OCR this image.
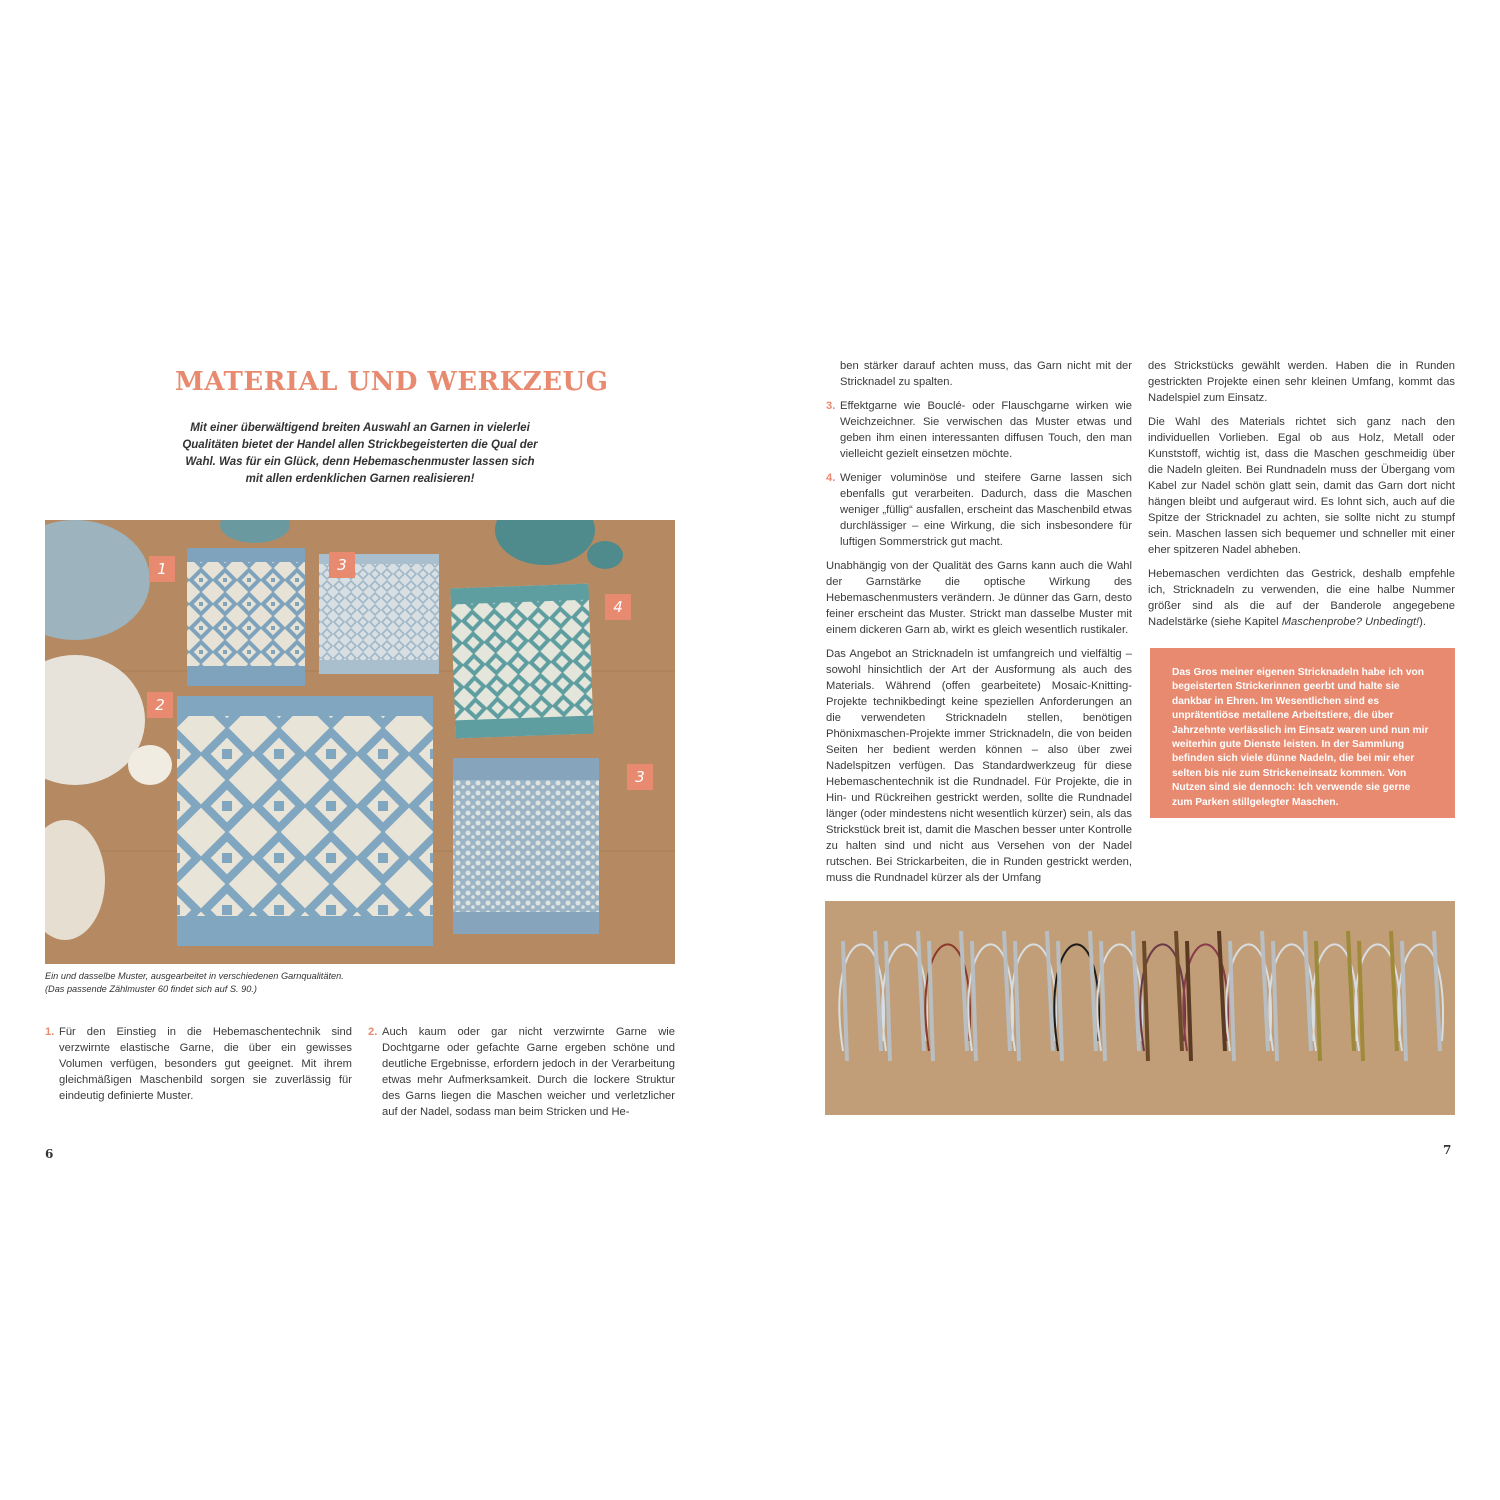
MATERIAL UND WERKZEUG
Mit einer überwältigend breiten Auswahl an Garnen in vielerlei Qualitäten bietet der Handel allen Strickbegeisterten die Qual der Wahl. Was für ein Glück, denn Hebemaschenmuster lassen sich mit allen erdenklichen Garnen realisieren!
1	3
4
2
3
Ein und dasselbe Muster, ausgearbeitet in verschiedenen Garnqualitäten. (Das passende Zählmuster 60 findet sich auf S. 90.)
1. Für den Einstieg in die Hebemaschentechnik sind verzwirnte elastische Garne, die über ein gewisses Volumen verfügen, besonders gut geeignet. Mit ihrem gleichmäßigen Maschenbild sorgen sie zuverlässig für eindeutig definierte Muster.
2. Auch kaum oder gar nicht verzwirnte Garne wie Dochtgarne oder gefachte Garne ergeben schöne und deutliche Ergebnisse, erfordern jedoch in der Verarbeitung etwas mehr Aufmerksamkeit. Durch die lockere Struktur des Garns liegen die Maschen weicher und verletzlicher auf der Nadel, sodass man beim Stricken und He-
6

ben stärker darauf achten muss, das Garn nicht mit der Stricknadel zu spalten.

3. Effektgarne wie Bouclé- oder Flauschgarne wirken wie Weichzeichner. Sie verwischen das Muster etwas und geben ihm einen interessanten diffusen Touch, den man vielleicht gezielt einsetzen möchte.
4. Weniger voluminöse und steifere Garne lassen sich ebenfalls gut verarbeiten. Dadurch, dass die Maschen weniger „füllig“ ausfallen, erscheint das Maschenbild etwas durchlässiger – eine Wirkung, die sich insbesondere für luftigen Sommerstrick gut macht.

Unabhängig von der Qualität des Garns kann auch die Wahl der Garnstärke die optische Wirkung des Hebemaschenmusters verändern. Je dünner das Garn, desto feiner erscheint das Muster. Strickt man dasselbe Muster mit einem dickeren Garn ab, wirkt es gleich wesentlich rustikaler.

Das Angebot an Stricknadeln ist umfangreich und vielfältig – sowohl hinsichtlich der Art der Ausformung als auch des Materials. Während (offen gearbeitete) Mosaic-Knitting-Projekte technikbedingt keine speziellen Anforderungen an die verwendeten Stricknadeln stellen, benötigen Phönixmaschen-Projekte immer Stricknadeln, die von beiden Seiten her bedient werden können – also über zwei Nadelspitzen verfügen. Das Standardwerkzeug für diese Hebemaschentechnik ist die Rundnadel. Für Projekte, die in Hin- und Rückreihen gestrickt werden, sollte die Rundnadel länger (oder mindestens nicht wesentlich kürzer) sein, als das Strickstück breit ist, damit die Maschen besser unter Kontrolle zu halten sind und nicht aus Versehen von der Nadel rutschen. Bei Strickarbeiten, die in Runden gestrickt werden, muss die Rundnadel kürzer als der Umfang

des Strickstücks gewählt werden. Haben die in Runden gestrickten Projekte einen sehr kleinen Umfang, kommt das Nadelspiel zum Einsatz.

Die Wahl des Materials richtet sich ganz nach den individuellen Vorlieben. Egal ob aus Holz, Metall oder Kunststoff, wichtig ist, dass die Maschen geschmeidig über die Nadeln gleiten. Bei Rundnadeln muss der Übergang vom Kabel zur Nadel schön glatt sein, damit das Garn dort nicht hängen bleibt und aufgeraut wird. Es lohnt sich, auch auf die Spitze der Stricknadel zu achten, sie sollte nicht zu stumpf sein. Maschen lassen sich bequemer und schneller mit einer eher spitzeren Nadel abheben.

Hebemaschen verdichten das Gestrick, deshalb empfehle ich, Stricknadeln zu verwenden, die eine halbe Nummer größer sind als die auf der Banderole angegebene Nadelstärke (siehe Kapitel Maschenprobe? Unbedingt!).

Das Gros meiner eigenen Stricknadeln habe ich von begeisterten Strickerinnen geerbt und halte sie dankbar in Ehren. Im Wesentlichen sind es unprätentiöse metallene Arbeitstiere, die über Jahrzehnte verlässlich im Einsatz waren und nun mir weiterhin gute Dienste leisten. In der Sammlung befinden sich viele dünne Nadeln, die bei mir eher selten bis nie zum Strickeneinsatz kommen. Von Nutzen sind sie dennoch: Ich verwende sie gerne zum Parken stillgelegter Maschen.
7
